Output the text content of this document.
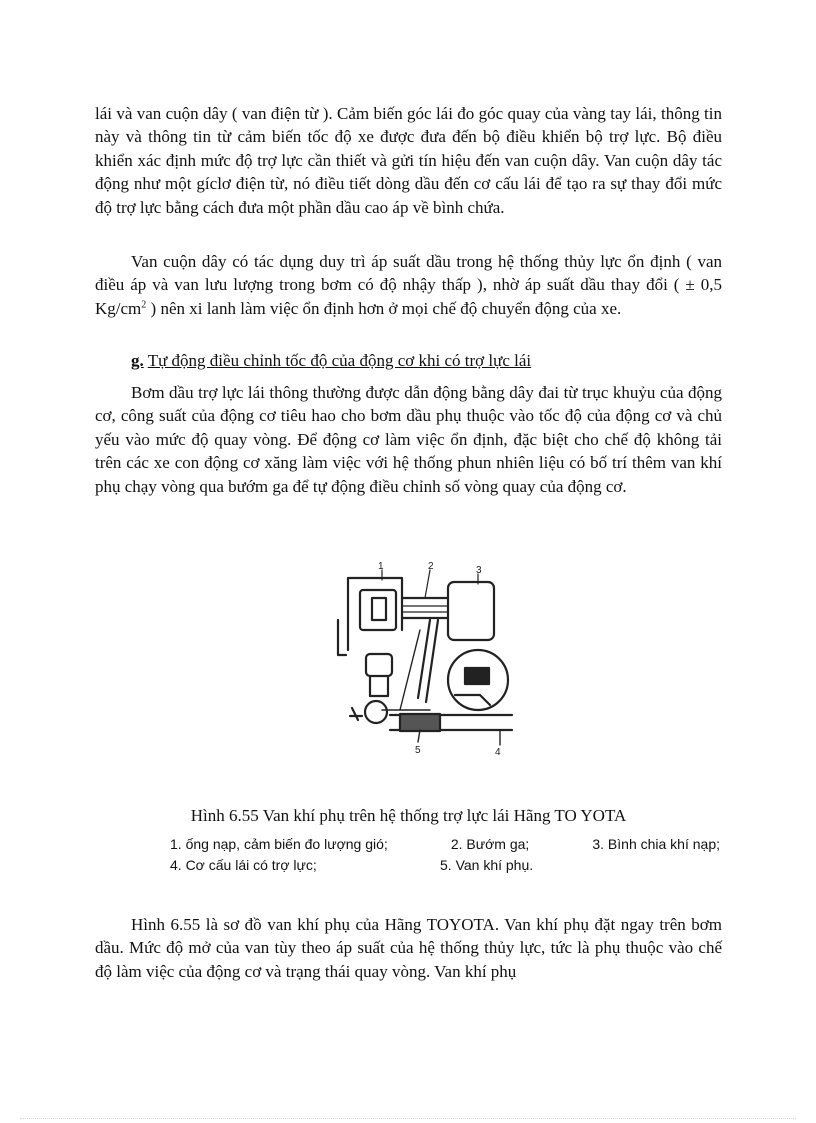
lái và van cuộn dây ( van điện từ ). Cảm biến góc lái đo góc quay của vàng tay lái, thông tin này và thông tin từ cảm biến tốc độ xe được đưa đến bộ điều khiển bộ trợ lực. Bộ điều khiển xác định mức độ trợ lực cần thiết và gửi tín hiệu đến van cuộn dây. Van cuộn dây tác động như một gíclơ điện từ, nó điều tiết dòng dầu đến cơ cấu lái để tạo ra sự thay đổi mức độ trợ lực bằng cách đưa một phần dầu cao áp về bình chứa.

Van cuộn dây có tác dụng duy trì áp suất dầu trong hệ thống thủy lực ổn định ( van điều áp và van lưu lượng trong bơm có độ nhậy thấp ), nhờ áp suất dầu thay đổi ( ± 0,5 $Kg/cm^2$ ) nên xi lanh làm việc ổn định hơn ở mọi chế độ chuyển động của xe.

g. Tự động điều chỉnh tốc độ của động cơ khi có trợ lực lái

Bơm dầu trợ lực lái thông thường được dẫn động bằng dây đai từ trục khuỷu của động cơ, công suất của động cơ tiêu hao cho bơm dầu phụ thuộc vào tốc độ của động cơ và chủ yếu vào mức độ quay vòng. Để động cơ làm việc ổn định, đặc biệt cho chế độ không tải trên các xe con động cơ xăng làm việc với hệ thống phun nhiên liệu có bố trí thêm van khí phụ chạy vòng qua bướm ga để tự động điều chỉnh số vòng quay của động cơ.

1	2	3
4
5
Hình 6.55 Van khí phụ trên hệ thống trợ lực lái Hãng TO YOTA
1. ống nạp, cảm biến đo lượng gió;	2. Bướm ga;	3. Bình chia khí nạp;
4. Cơ cấu lái có trợ lực;	5. Van khí phụ.

Hình 6.55 là sơ đồ van khí phụ của Hãng TOYOTA. Van khí phụ đặt ngay trên bơm dầu. Mức độ mở của van tùy theo áp suất của hệ thống thủy lực, tức là phụ thuộc vào chế độ làm việc của động cơ và trạng thái quay vòng. Van khí phụ
